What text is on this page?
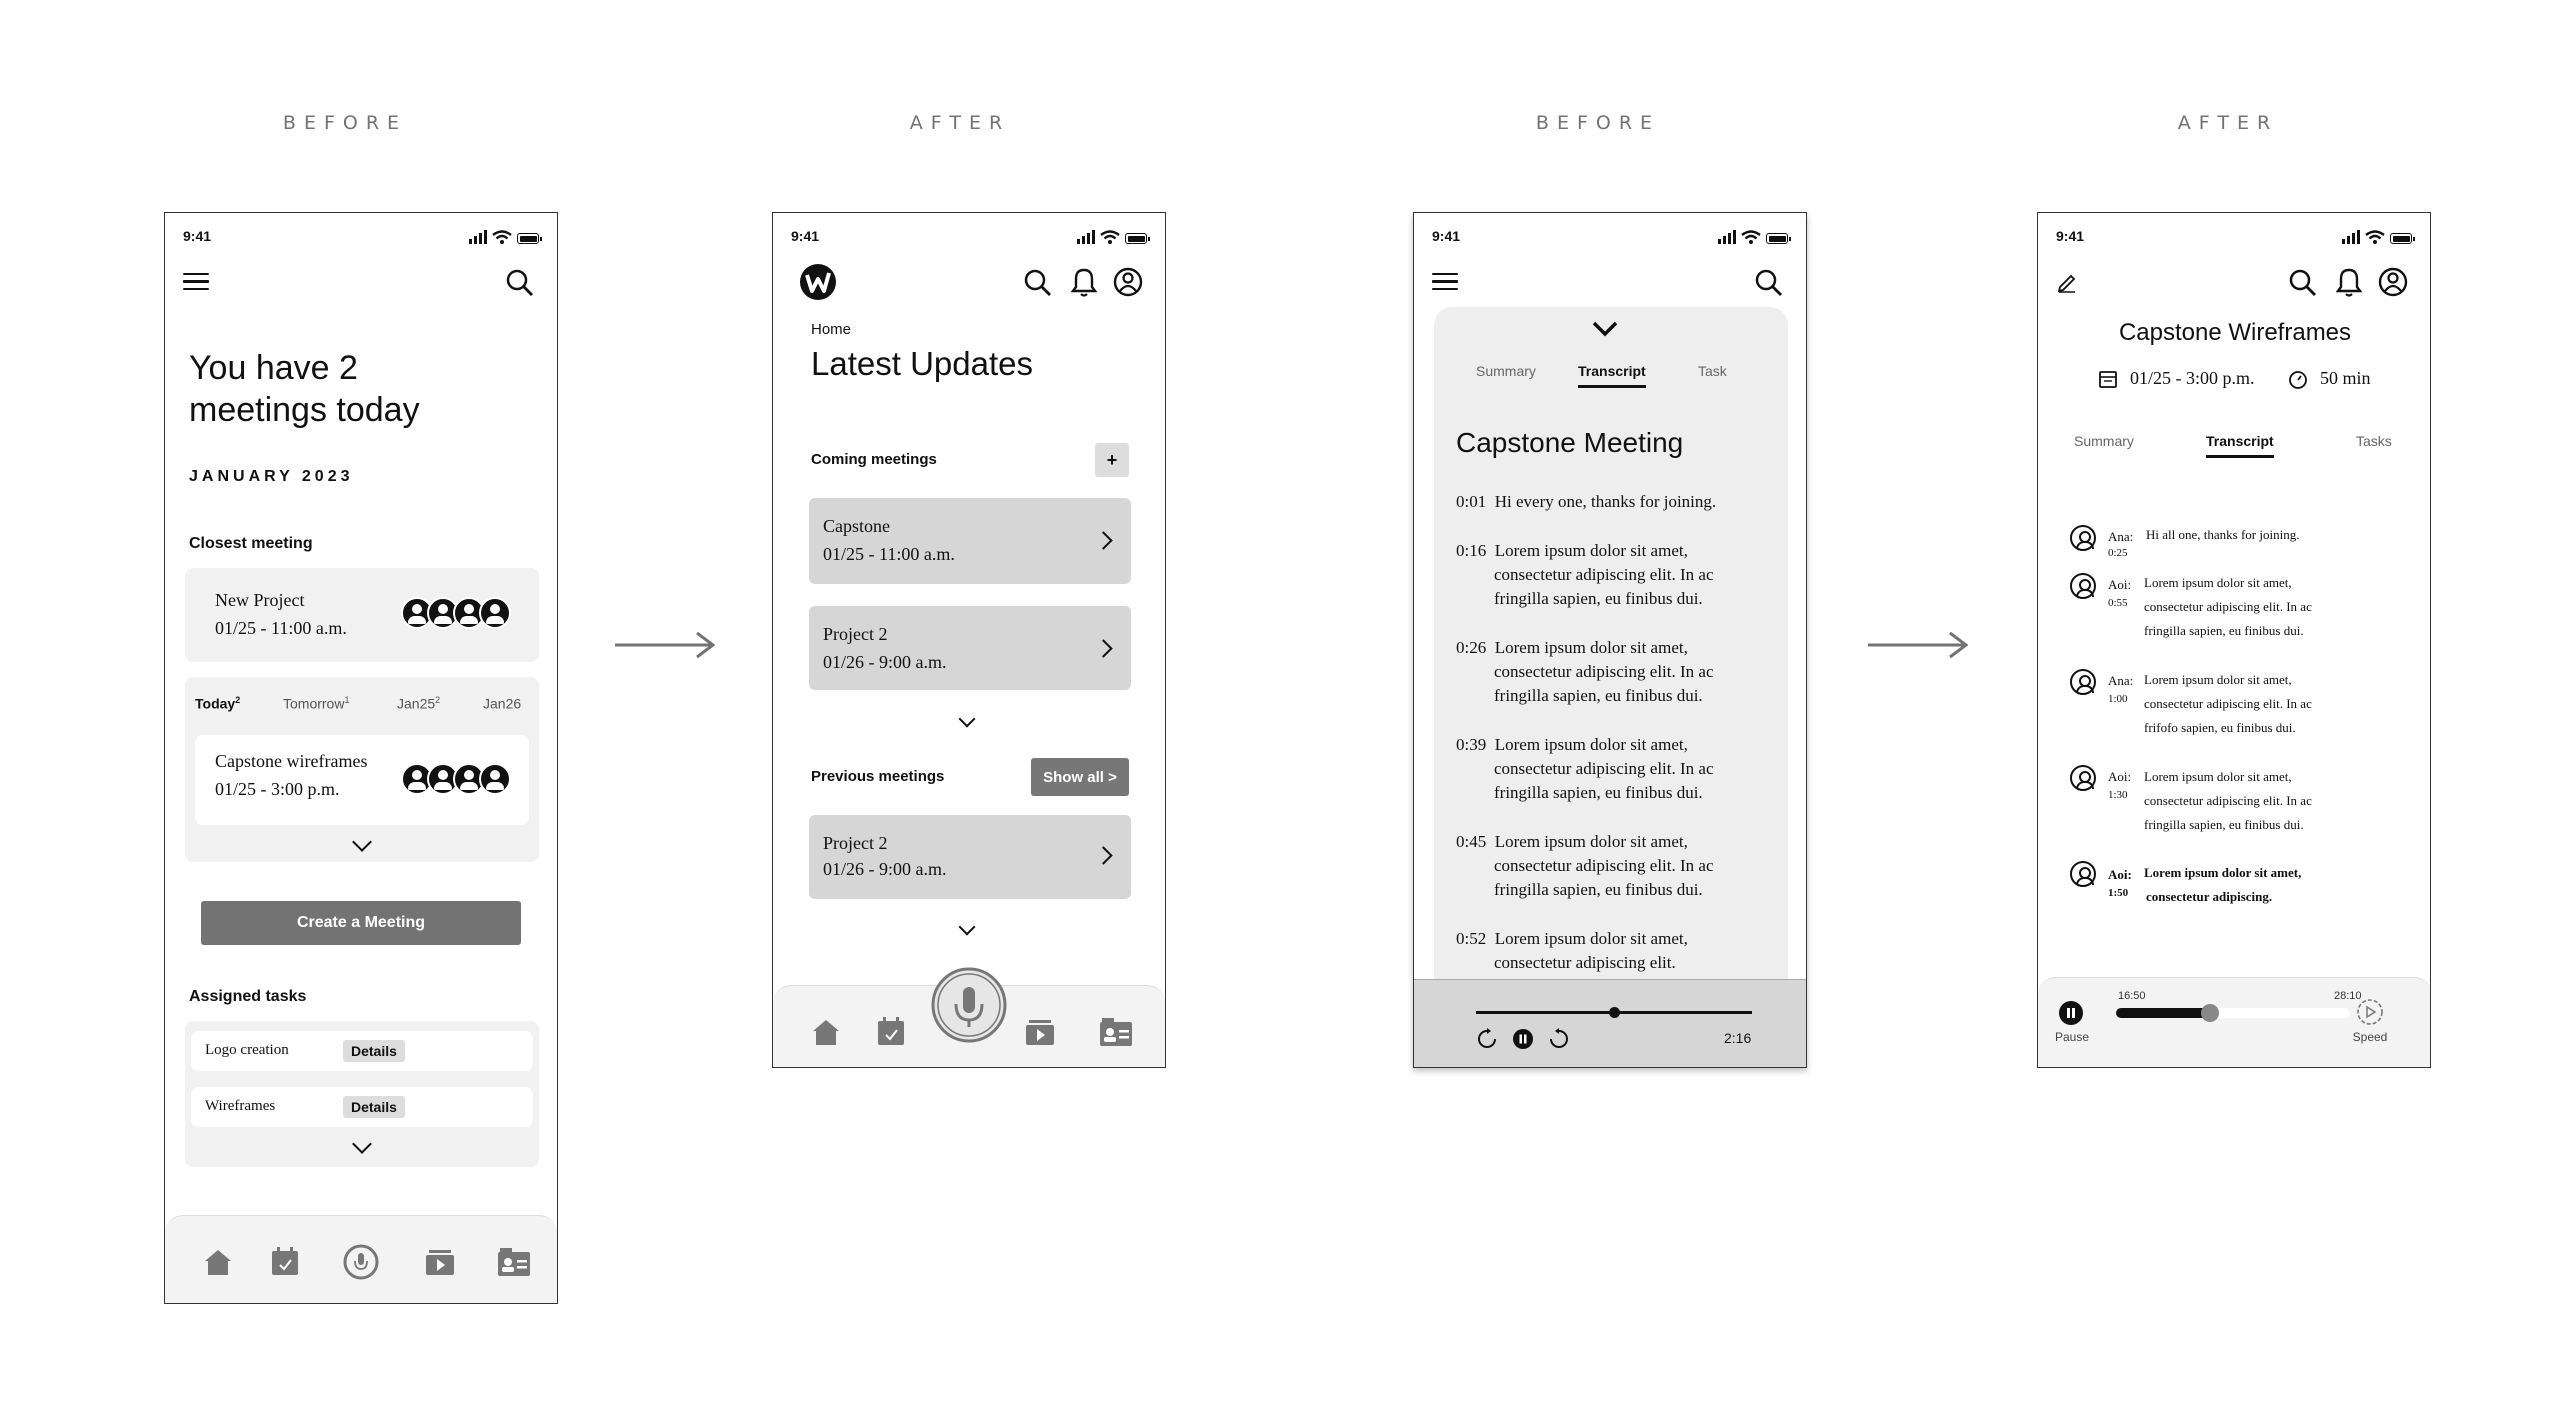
BEFORE	AFTER	BEFORE	AFTER
9:41
You have 2
meetings today
JANUARY 2023
Closest meeting
New Project
01/25 - 11:00 a.m.
Today$^2$	Tomorrow$^1$	$Jan25^2$	Jan26
Capstone wireframes
01/25 - 3:00 p.m.
Create a Meeting
Assigned tasks
Logo creation	Details
Wireframes	Details
9:41
Home
Latest Updates
Coming meetings	+
Capstone
01/25 - 11:00 a.m.
Project 2
01/26 - 9:00 a.m.
Previous meetings	Show all >
Project 2
01/26 - 9:00 a.m.
9:41
Summary	Transcript	Task
Capstone Meeting
0:01 Hi every one, thanks for joining.
0:16 Lorem ipsum dolor sit amet,
consectetur adipiscing elit. In ac
fringilla sapien, eu finibus dui.
0:26 Lorem ipsum dolor sit amet,
consectetur adipiscing elit. In ac
fringilla sapien, eu finibus dui.
0:39 Lorem ipsum dolor sit amet,
consectetur adipiscing elit. In ac
fringilla sapien, eu finibus dui.
0:45 Lorem ipsum dolor sit amet,
consectetur adipiscing elit. In ac
fringilla sapien, eu finibus dui.
0:52 Lorem ipsum dolor sit amet,
consectetur adipiscing elit.
2:16
9:41
Capstone Wireframes
01/25 - 3:00 p.m.	50 min
Summary	Transcript	Tasks
Ana:
0:25
Hi all one, thanks for joining.
Aoi:
0:55
Lorem ipsum dolor sit amet,
consectetur adipiscing elit. In ac
fringilla sapien, eu finibus dui.
Ana:
1:00
Lorem ipsum dolor sit amet,
consectetur adipiscing elit. In ac
frifofo sapien, eu finibus dui.
Aoi:
1:30
Lorem ipsum dolor sit amet,
consectetur adipiscing elit. In ac
fringilla sapien, eu finibus dui.
Aoi:
1:50
Lorem ipsum dolor sit amet,
consectetur adipiscing.
Pause
16:50	28:10
Speed
